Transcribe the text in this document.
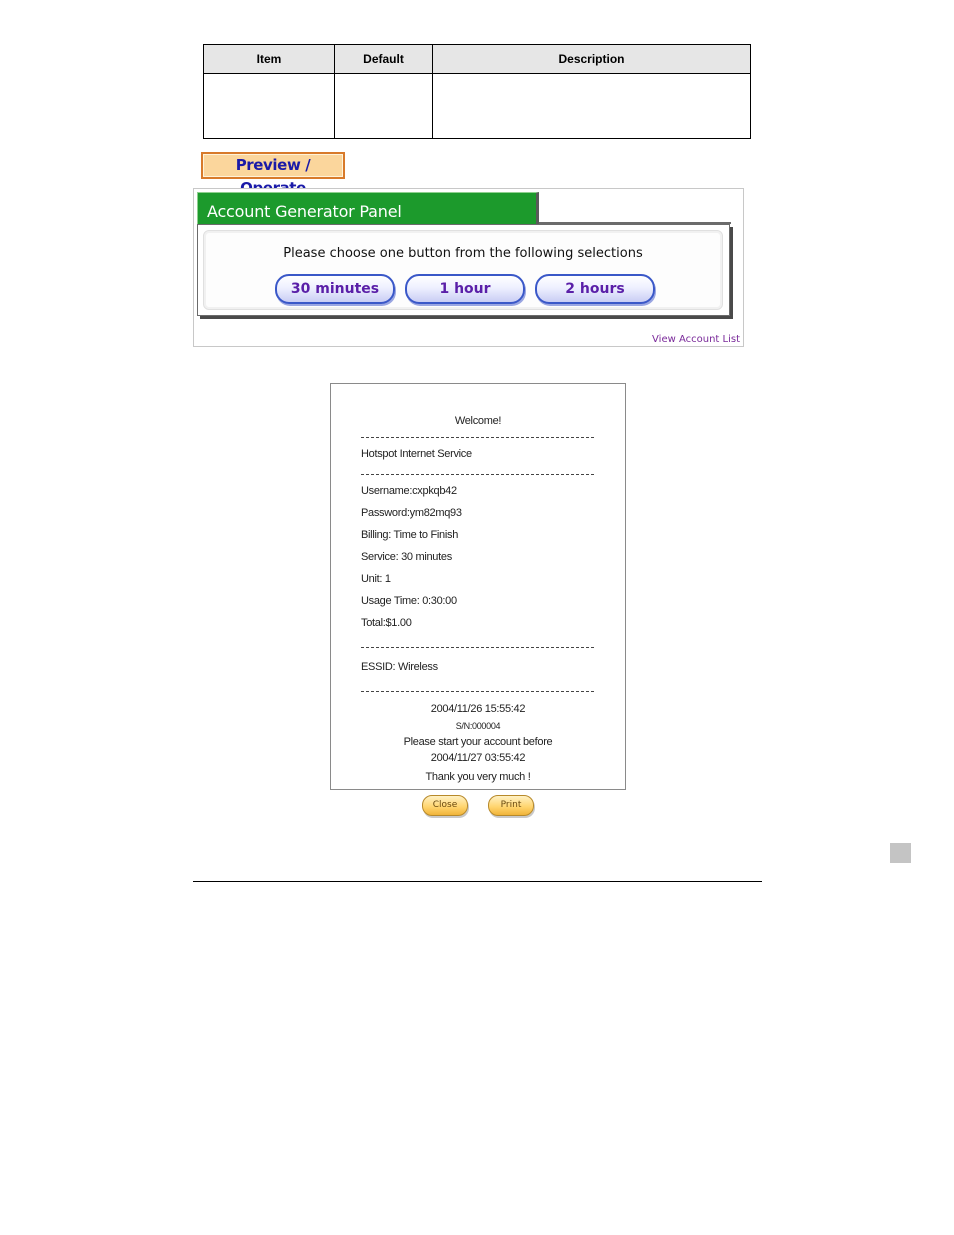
Item	Default	Description

Preview /
Account Generator Panel
Please choose one button from the following selections
30 minutes	1 hour	2 hours
View Account List
Welcome!
Hotspot Internet Service
Username:cxpkqb42
Password:ym82mq93
Billing: Time to Finish
Service: 30 minutes
Unit: 1
Usage Time: 0:30:00
Total:$1.00
ESSID: Wireless
2004/11/26 15:55:42
S/N:000004
Please start your account before
2004/11/27 03:55:42
Thank you very much !
Close	Print
